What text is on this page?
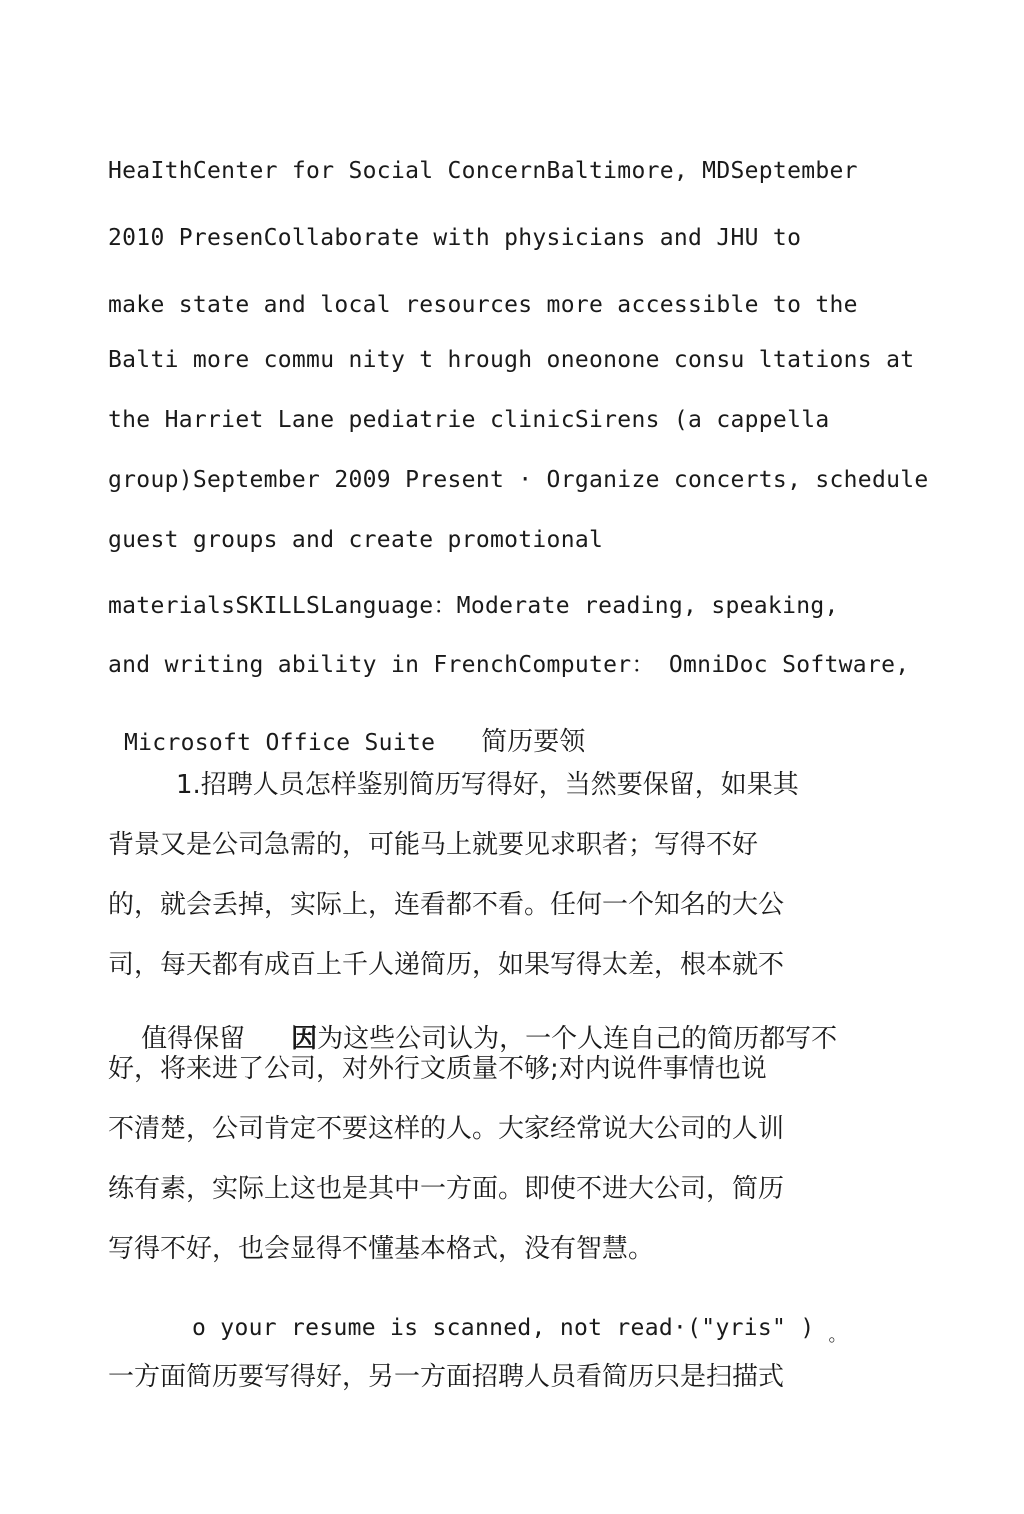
HeaIthCenter for Social ConcernBaltimore, MDSeptember
2010 PresenCollaborate with physicians and JHU to
make state and local resources more accessible to the
Balti more commu nity t hrough oneonone consu ltations at
the Harriet Lane pediatrie clinicSirens (a cappella
group)September 2009 Present · Organize concerts, schedule
guest groups and create promotional
materialsSKILLSLanguage：Moderate reading, speaking,
and writing ability in FrenchComputer： OmniDoc Software,

Microsoft Office Suite 简历要领

1.招聘人员怎样鉴别简历写得好，当然要保留，如果其
背景又是公司急需的，可能马上就要见求职者；写得不好
的，就会丢掉，实际上，连看都不看。任何一个知名的大公
司，每天都有成百上千人递简历，如果写得太差，根本就不

值得保留 因为这些公司认为，一个人连自己的简历都写不

好，将来进了公司，对外行文质量不够;对内说件事情也说
不清楚，公司肯定不要这样的人。大家经常说大公司的人训
练有素，实际上这也是其中一方面。即使不进大公司，简历
写得不好，也会显得不懂基本格式，没有智慧。

o your resume is scanned, not read·("yris" ) 。

一方面简历要写得好，另一方面招聘人员看简历只是扫描式
